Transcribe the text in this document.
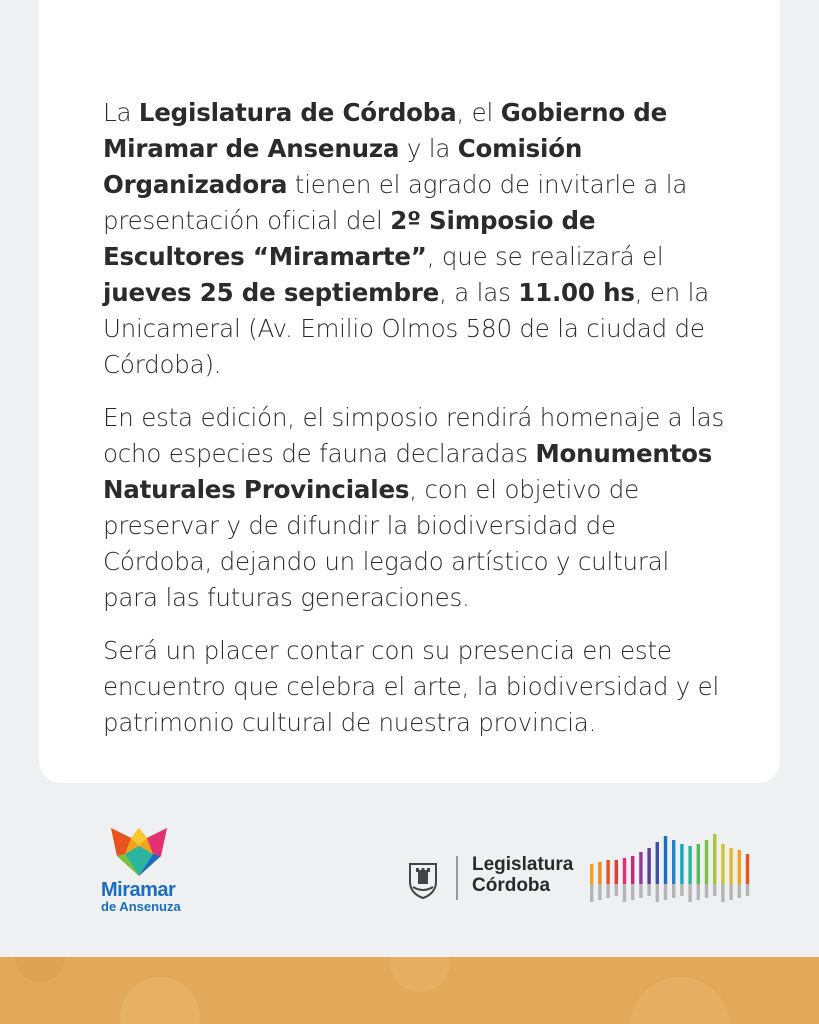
La Legislatura de Córdoba, el Gobierno de Miramar de Ansenuza y la Comisión Organizadora tienen el agrado de invitarle a la presentación oficial del 2º Simposio de Escultores “Miramarte”, que se realizará el jueves 25 de septiembre, a las 11.00 hs, en la Unicameral (Av. Emilio Olmos 580 de la ciudad de Córdoba).

En esta edición, el simposio rendirá homenaje a las ocho especies de fauna declaradas Monumentos Naturales Provinciales, con el objetivo de preservar y de difundir la biodiversidad de Córdoba, dejando un legado artístico y cultural para las futuras generaciones.

Será un placer contar con su presencia en este encuentro que celebra el arte, la biodiversidad y el patrimonio cultural de nuestra provincia.

Miramar
de Ansenuza
Legislatura
Córdoba
